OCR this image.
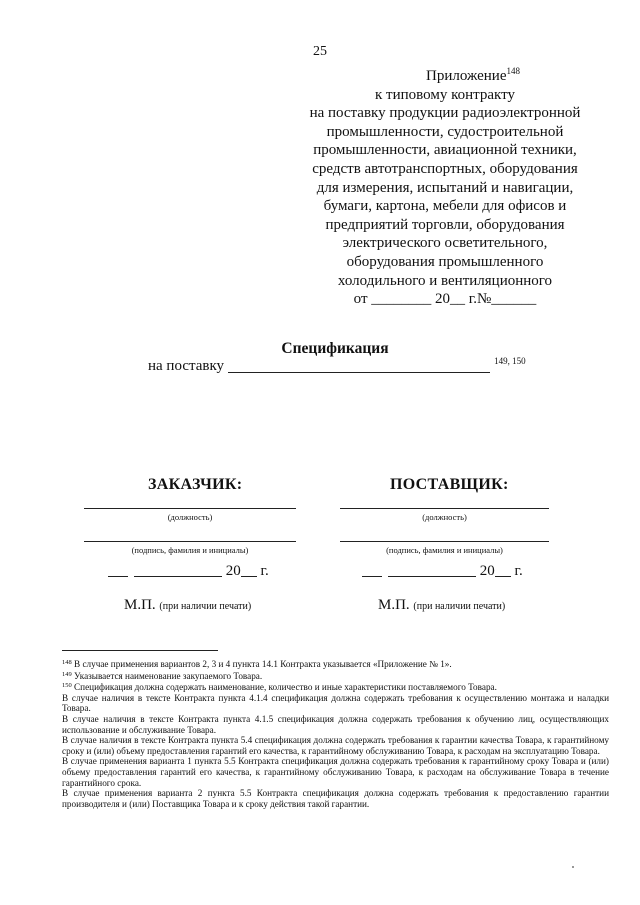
25
Приложение$^{148}$
к типовому контракту
на поставку продукции радиоэлектронной
промышленности, судостроительной
промышленности, авиационной техники,
средств автотранспортных, оборудования
для измерения, испытаний и навигации,
бумаги, картона, мебели для офисов и
предприятий торговли, оборудования
электрического осветительного,
оборудования промышленного
холодильного и вентиляционного
от ________ 20__ г.№______
Спецификация
на поставку	$^{149, 150}$
ЗАКАЗЧИК:
(должность)
(подпись, фамилия и инициалы)
20 г.
М.П. (при наличии печати)
ПОСТАВЩИК:
(должность)
(подпись, фамилия и инициалы)
20 г.
М.П. (при наличии печати)

$^{148}$ В случае применения вариантов 2, 3 и 4 пункта 14.1 Контракта указывается «Приложение № 1».

$^{149}$ Указывается наименование закупаемого Товара.

$^{150}$ Спецификация должна содержать наименование, количество и иные характеристики поставляемого Товара.

В случае наличия в тексте Контракта пункта 4.1.4 спецификация должна содержать требования к осуществлению монтажа и наладки Товара.

В случае наличия в тексте Контракта пункта 4.1.5 спецификация должна содержать требования к обучению лиц, осуществляющих использование и обслуживание Товара.

В случае наличия в тексте Контракта пункта 5.4 спецификация должна содержать требования к гарантии качества Товара, к гарантийному сроку и (или) объему предоставления гарантий его качества, к гарантийному обслуживанию Товара, к расходам на эксплуатацию Товара.

В случае применения варианта 1 пункта 5.5 Контракта спецификация должна содержать требования к гарантийному сроку Товара и (или) объему предоставления гарантий его качества, к гарантийному обслуживанию Товара, к расходам на обслуживание Товара в течение гарантийного срока.

В случае применения варианта 2 пункта 5.5 Контракта спецификация должна содержать требования к предоставлению гарантии производителя и (или) Поставщика Товара и к сроку действия такой гарантии.
